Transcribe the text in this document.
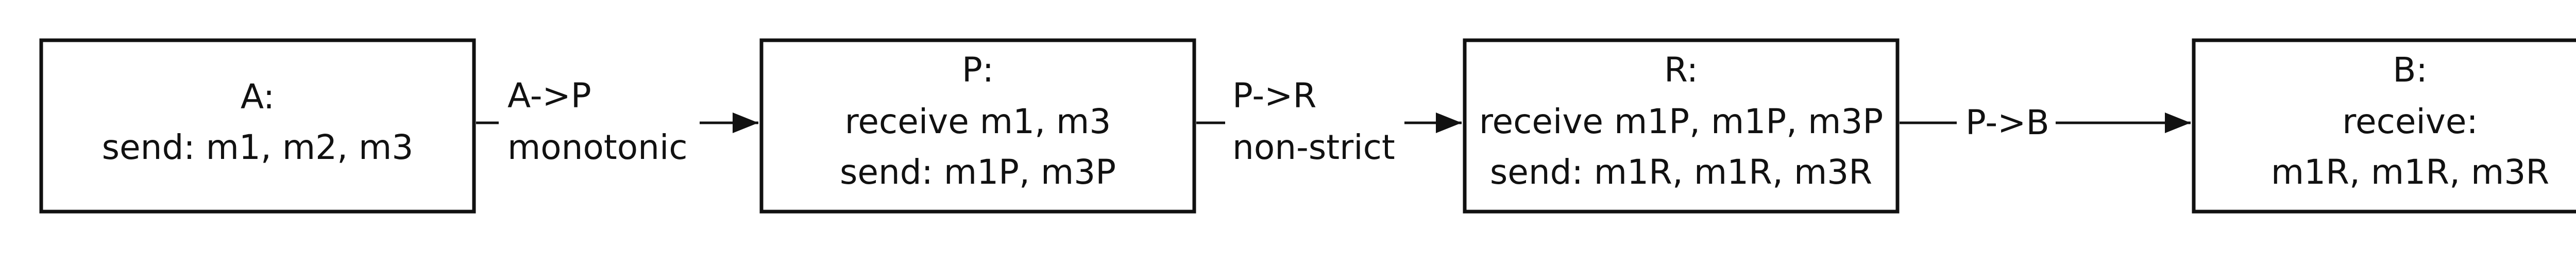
A:
send: m1, m2, m3
P:
receive m1, m3
send: m1P, m3P
R:
receive m1P, m1P, m3P
send: m1R, m1R, m3R
B:
receive:
m1R, m1R, m3R
A->P
monotonic
P->R
non-strict
P->B
